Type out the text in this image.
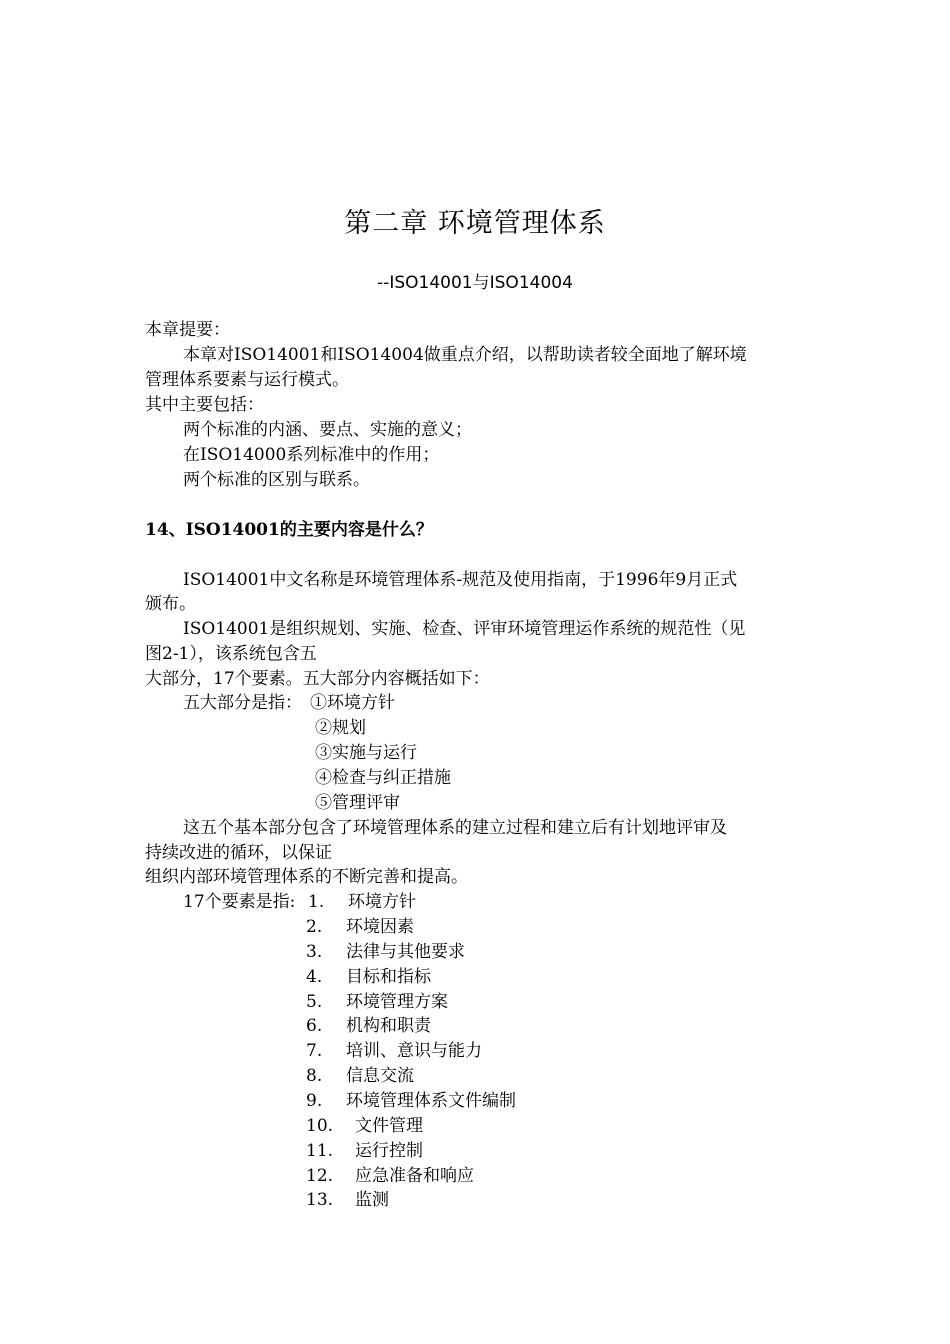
第二章 环境管理体系
--ISO14001与ISO14004
本章提要：
本章对ISO14001和ISO14004做重点介绍，以帮助读者较全面地了解环境
管理体系要素与运行模式。
其中主要包括：
两个标准的内涵、要点、实施的意义；
在ISO14000系列标准中的作用；
两个标准的区别与联系。
14、ISO14001的主要内容是什么？
ISO14001中文名称是环境管理体系-规范及使用指南，于1996年9月正式
颁布。
ISO14001是组织规划、实施、检查、评审环境管理运作系统的规范性（见
图2-1），该系统包含五
大部分，17个要素。五大部分内容概括如下：
五大部分是指： ①环境方针
②规划
③实施与运行
④检查与纠正措施
⑤管理评审
这五个基本部分包含了环境管理体系的建立过程和建立后有计划地评审及
持续改进的循环，以保证
组织内部环境管理体系的不断完善和提高。
17个要素是指: 1. 环境方针
2. 环境因素
3. 法律与其他要求
4. 目标和指标
5. 环境管理方案
6. 机构和职责
7. 培训、意识与能力
8. 信息交流
9. 环境管理体系文件编制
10. 文件管理
11. 运行控制
12. 应急准备和响应
13. 监测
